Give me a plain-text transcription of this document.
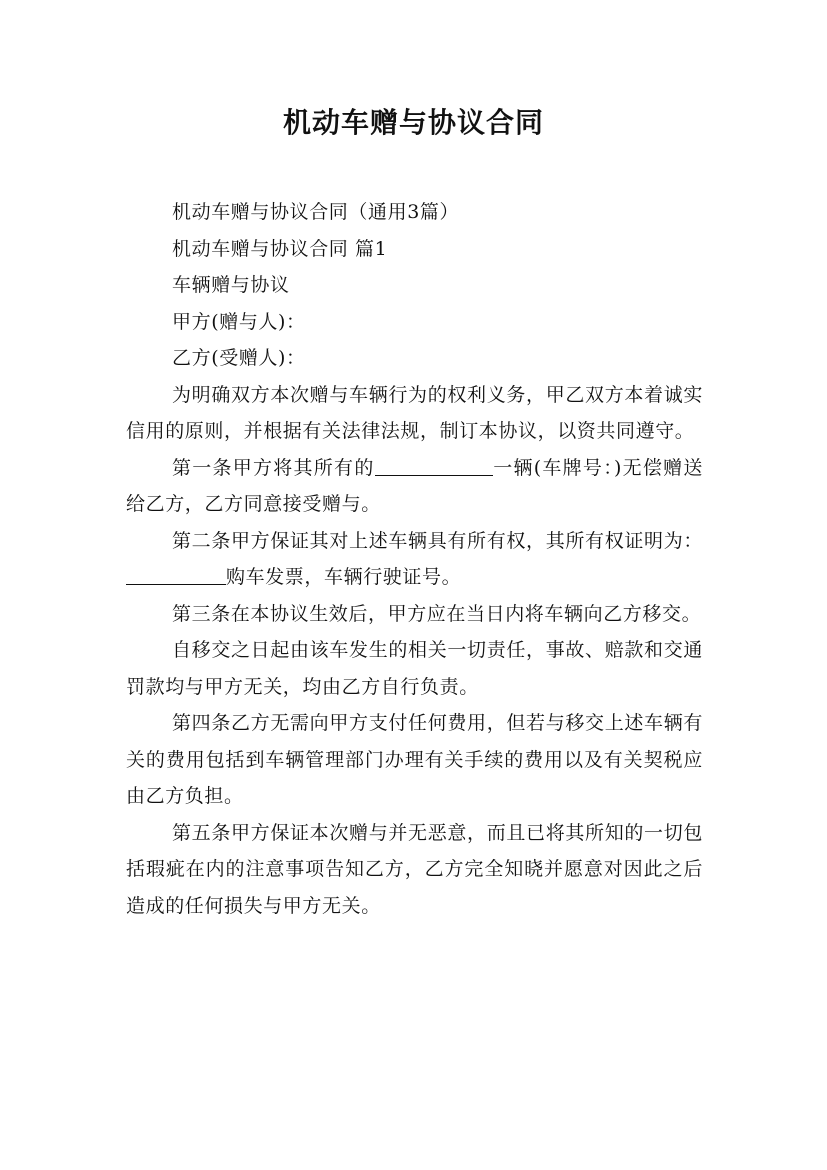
机动车赠与协议合同

机动车赠与协议合同（通用3篇）

机动车赠与协议合同 篇1

车辆赠与协议

甲方(赠与人)：

乙方(受赠人)：

为明确双方本次赠与车辆行为的权利义务，甲乙双方本着诚实信用的原则，并根据有关法律法规，制订本协议，以资共同遵守。

第一条甲方将其所有的	一辆(车牌号：)无偿赠送给乙方，乙方同意接受赠与。

第二条甲方保证其对上述车辆具有所有权，其所有权证明为：购车发票，车辆行驶证号。

第三条在本协议生效后，甲方应在当日内将车辆向乙方移交。

自移交之日起由该车发生的相关一切责任，事故、赔款和交通罚款均与甲方无关，均由乙方自行负责。

第四条乙方无需向甲方支付任何费用，但若与移交上述车辆有关的费用包括到车辆管理部门办理有关手续的费用以及有关契税应由乙方负担。

第五条甲方保证本次赠与并无恶意，而且已将其所知的一切包括瑕疵在内的注意事项告知乙方，乙方完全知晓并愿意对因此之后造成的任何损失与甲方无关。
